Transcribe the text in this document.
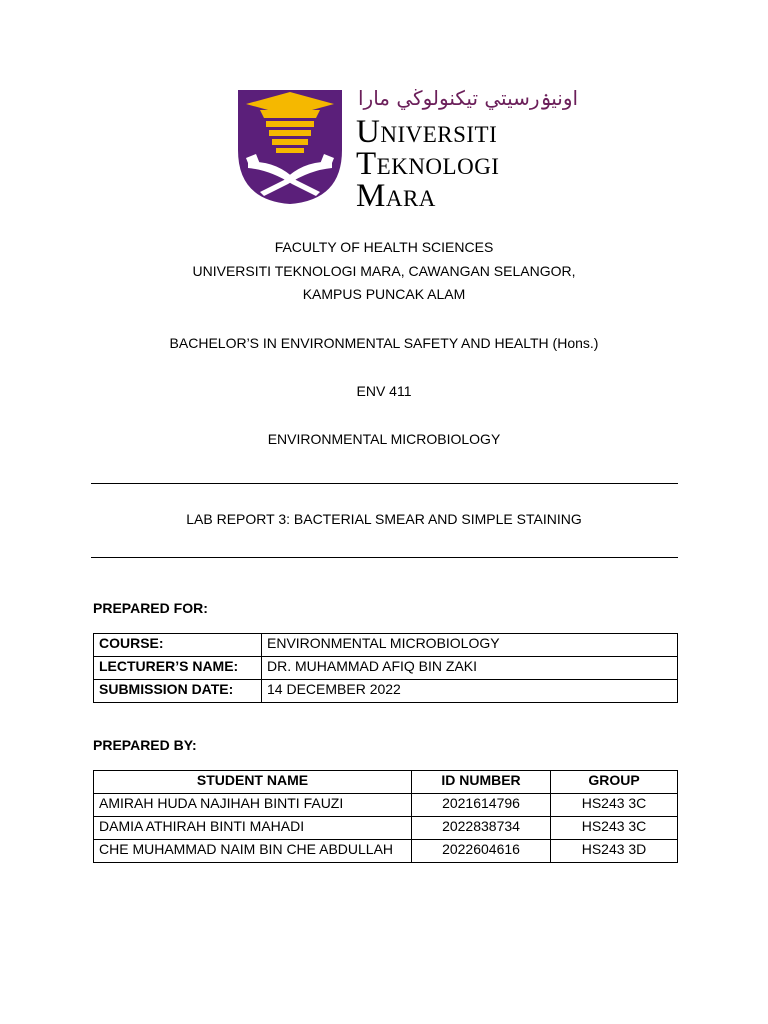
اونيۏرسيتي تيكنولوڬي مارا
Universiti
Teknologi
Mara
FACULTY OF HEALTH SCIENCES
UNIVERSITI TEKNOLOGI MARA, CAWANGAN SELANGOR,
KAMPUS PUNCAK ALAM
BACHELOR’S IN ENVIRONMENTAL SAFETY AND HEALTH (Hons.)
ENV 411
ENVIRONMENTAL MICROBIOLOGY
LAB REPORT 3: BACTERIAL SMEAR AND SIMPLE STAINING
PREPARED FOR:
COURSE:	ENVIRONMENTAL MICROBIOLOGY
LECTURER’S NAME:	DR. MUHAMMAD AFIQ BIN ZAKI
SUBMISSION DATE:	14 DECEMBER 2022
PREPARED BY:
STUDENT NAME	ID NUMBER	GROUP
AMIRAH HUDA NAJIHAH BINTI FAUZI	2021614796	HS243 3C
DAMIA ATHIRAH BINTI MAHADI	2022838734	HS243 3C
CHE MUHAMMAD NAIM BIN CHE ABDULLAH	2022604616	HS243 3D
